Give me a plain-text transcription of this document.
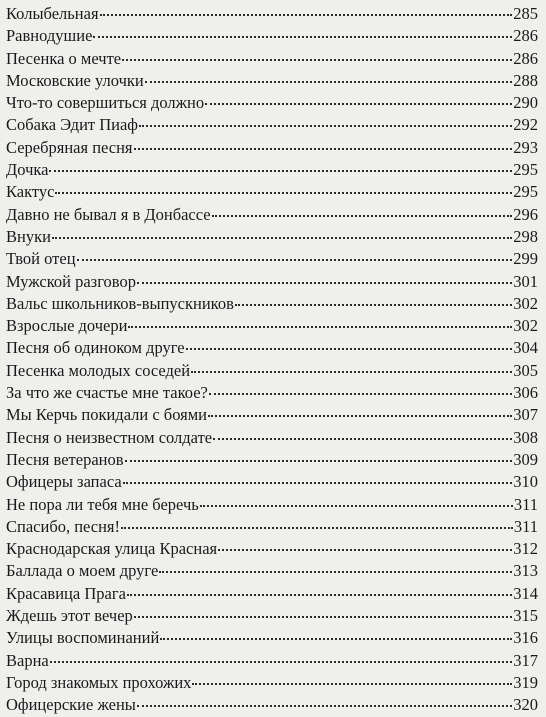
Колыбельная	285
Равнодушие	286
Песенка о мечте	286
Московские улочки	288
Что-то совершиться должно	290
Собака Эдит Пиаф	292
Серебряная песня	293
Дочка	295
Кактус	295
Давно не бывал я в Донбассе	296
Внуки	298
Твой отец	299
Мужской разговор	301
Вальс школьников-выпускников	302
Взрослые дочери	302
Песня об одиноком друге	304
Песенка молодых соседей	305
За что же счастье мне такое?	306
Мы Керчь покидали с боями	307
Песня о неизвестном солдате	308
Песня ветеранов	309
Офицеры запаса	310
Не пора ли тебя мне беречь	311
Спасибо, песня!	311
Краснодарская улица Красная	312
Баллада о моем друге	313
Красавица Прага	314
Ждешь этот вечер	315
Улицы воспоминаний	316
Варна	317
Город знакомых прохожих	319
Офицерские жены	320
